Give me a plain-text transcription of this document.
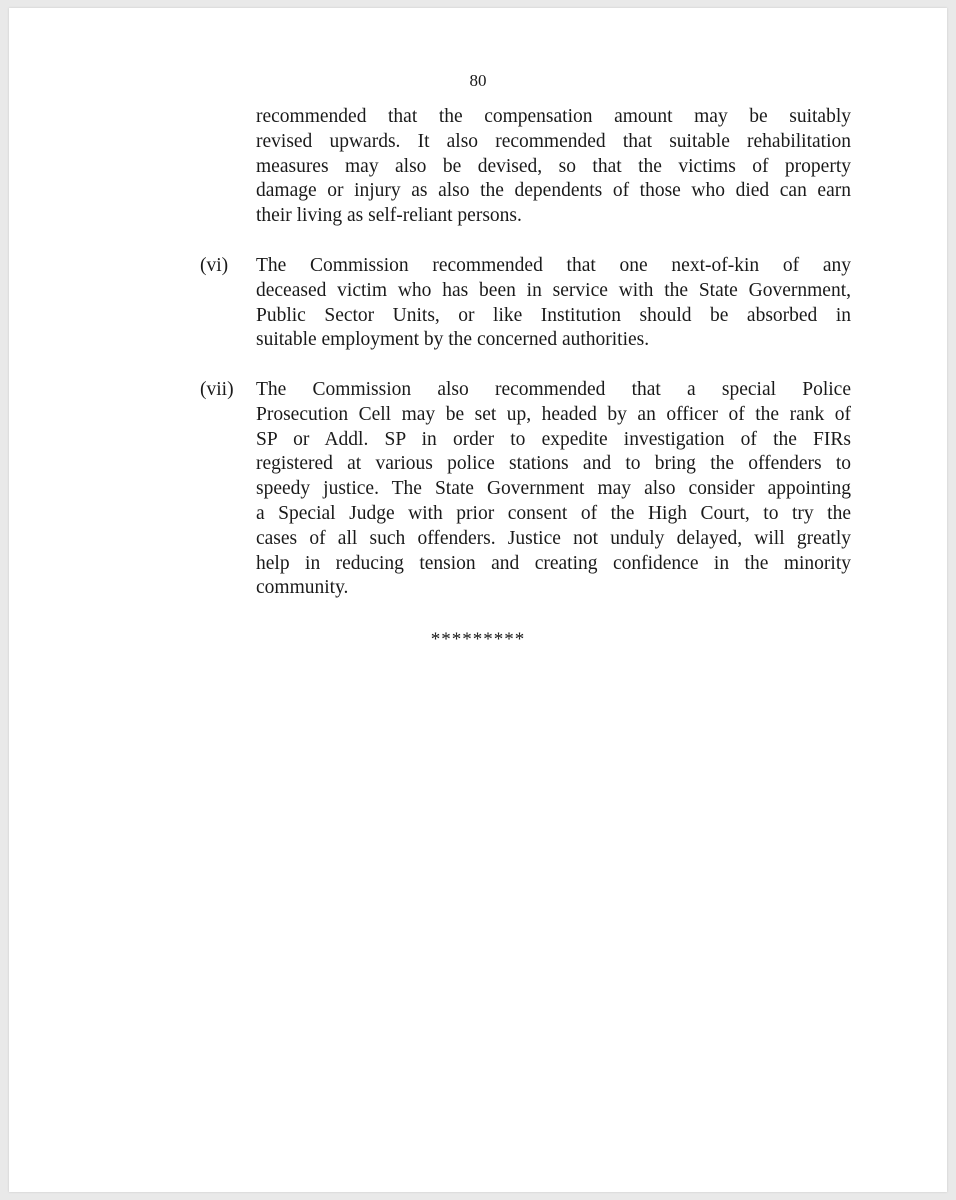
80
recommended that the compensation amount may be suitably
revised upwards. It also recommended that suitable rehabilitation
measures may also be devised, so that the victims of property
damage or injury as also the dependents of those who died can earn
their living as self-reliant persons.
(vi) The Commission recommended that one next-of-kin of any
deceased victim who has been in service with the State Government,
Public Sector Units, or like Institution should be absorbed in
suitable employment by the concerned authorities.
(vii) The Commission also recommended that a special Police
Prosecution Cell may be set up, headed by an officer of the rank of
SP or Addl. SP in order to expedite investigation of the FIRs
registered at various police stations and to bring the offenders to
speedy justice. The State Government may also consider appointing
a Special Judge with prior consent of the High Court, to try the
cases of all such offenders. Justice not unduly delayed, will greatly
help in reducing tension and creating confidence in the minority
community.
*********
